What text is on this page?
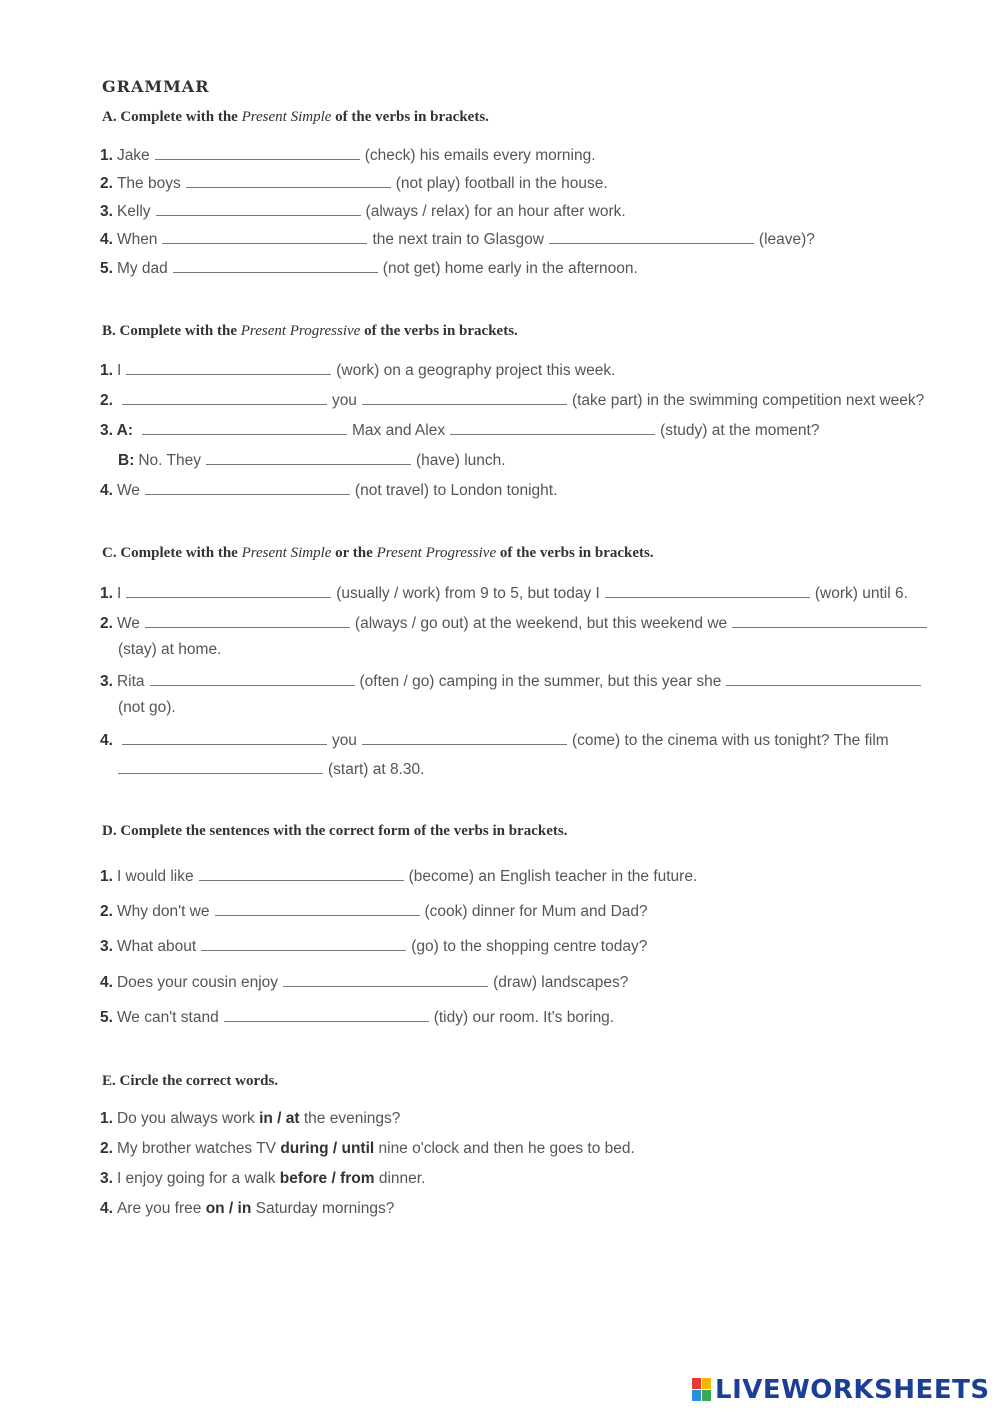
GRAMMAR
A. Complete with the Present Simple of the verbs in brackets.
1. Jake	(check) his emails every morning.
2. The boys	(not play) football in the house.
3. Kelly	(always / relax) for an hour after work.
4. When	the next train to Glasgow	(leave)?
5. My dad	(not get) home early in the afternoon.
B. Complete with the Present Progressive of the verbs in brackets.
1. I	(work) on a geography project this week.
2.	you	(take part) in the swimming competition next week?
3. A:	Max and Alex	(study) at the moment?
B: No. They	(have) lunch.
4. We	(not travel) to London tonight.
C. Complete with the Present Simple or the Present Progressive of the verbs in brackets.
1. I	(usually / work) from 9 to 5, but today I	(work) until 6.
2. We	(always / go out) at the weekend, but this weekend we
(stay) at home.
3. Rita	(often / go) camping in the summer, but this year she
(not go).
4.	you	(come) to the cinema with us tonight? The film
(start) at 8.30.
D. Complete the sentences with the correct form of the verbs in brackets.
1. I would like	(become) an English teacher in the future.
2. Why don't we	(cook) dinner for Mum and Dad?
3. What about	(go) to the shopping centre today?
4. Does your cousin enjoy	(draw) landscapes?
5. We can't stand	(tidy) our room. It's boring.
E. Circle the correct words.
1. Do you always work in / at the evenings?
2. My brother watches TV during / until nine o'clock and then he goes to bed.
3. I enjoy going for a walk before / from dinner.
4. Are you free on / in Saturday mornings?
LIVEWORKSHEETS
